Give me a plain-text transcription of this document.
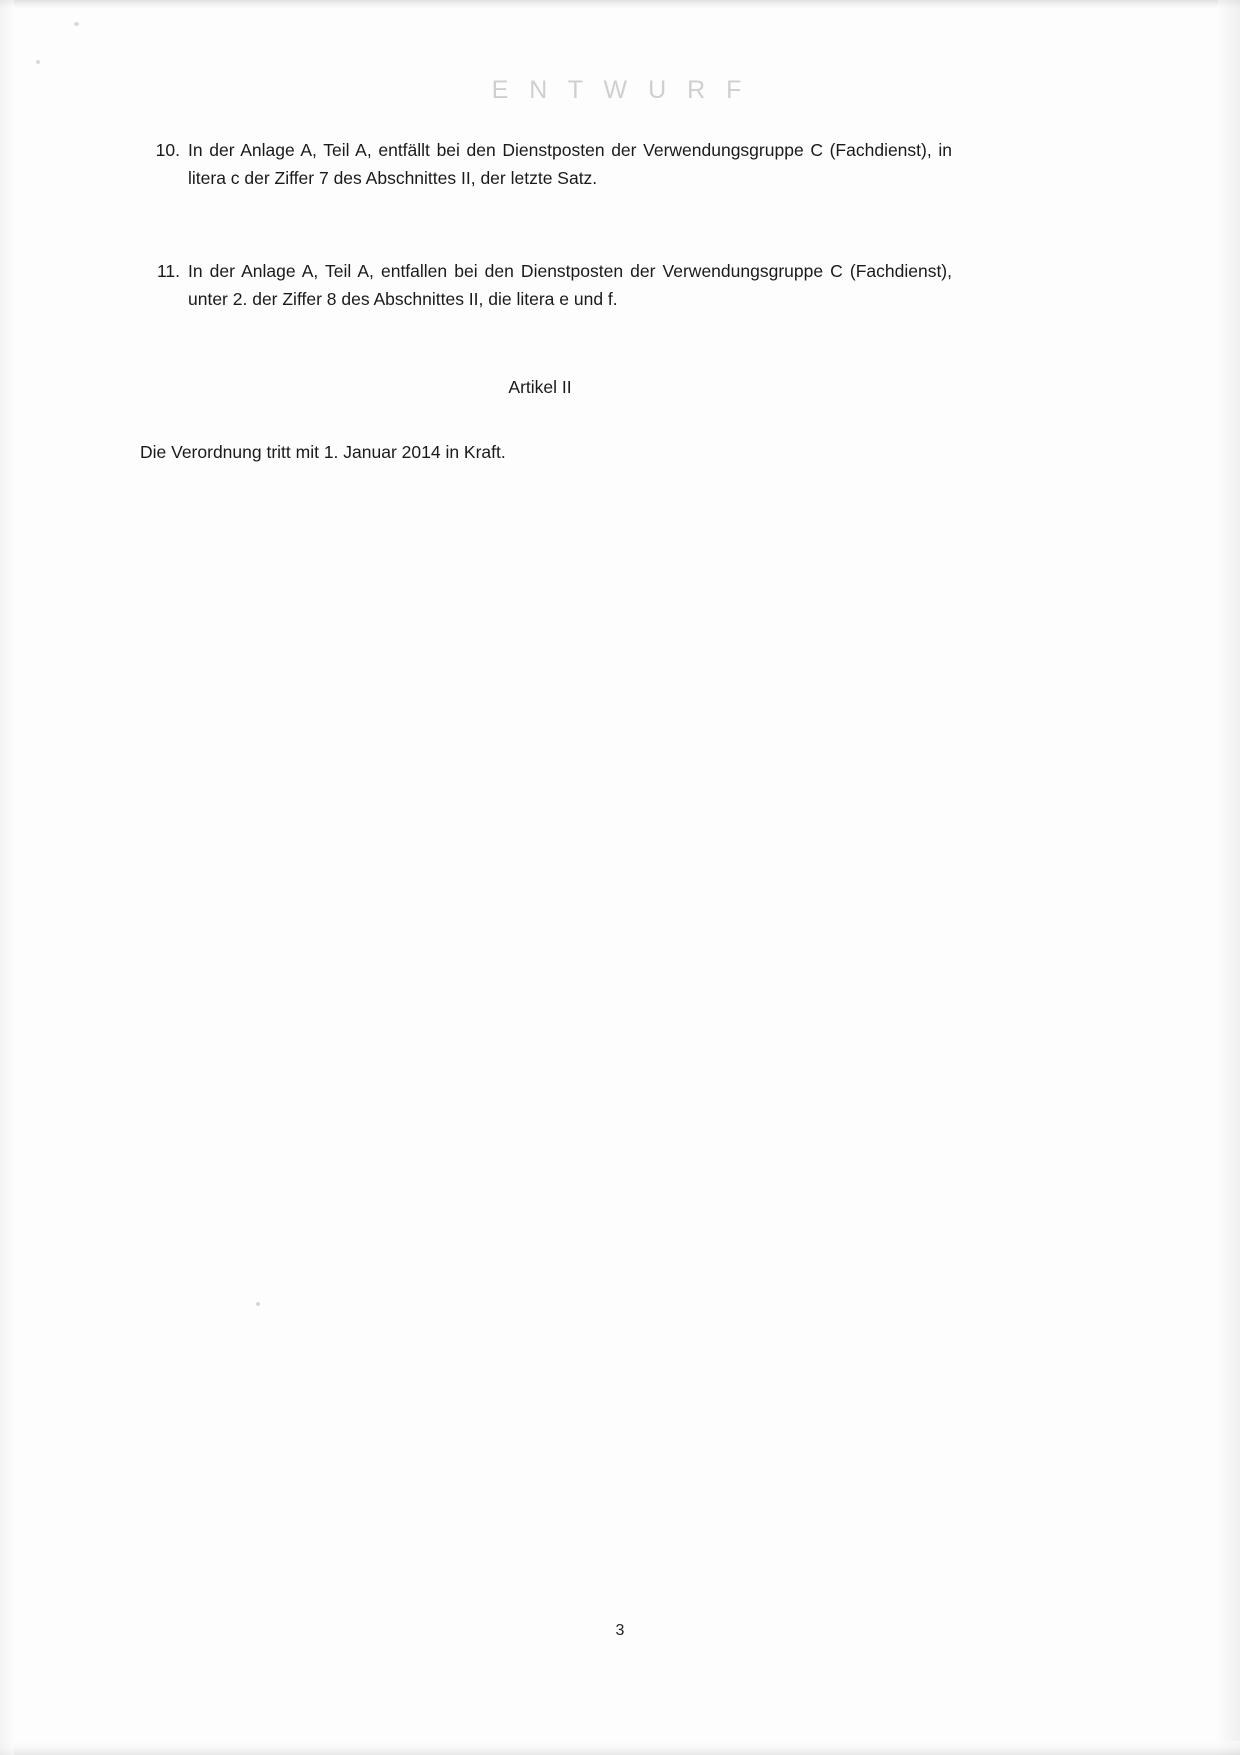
E N T W U R F
10. In der Anlage A, Teil A, entfällt bei den Dienstposten der Verwendungsgruppe C (Fachdienst), in litera c der Ziffer 7 des Abschnittes II, der letzte Satz.
11. In der Anlage A, Teil A, entfallen bei den Dienstposten der Verwendungsgruppe C (Fachdienst), unter 2. der Ziffer 8 des Abschnittes II, die litera e und f.
Artikel II
Die Verordnung tritt mit 1. Januar 2014 in Kraft.
3
